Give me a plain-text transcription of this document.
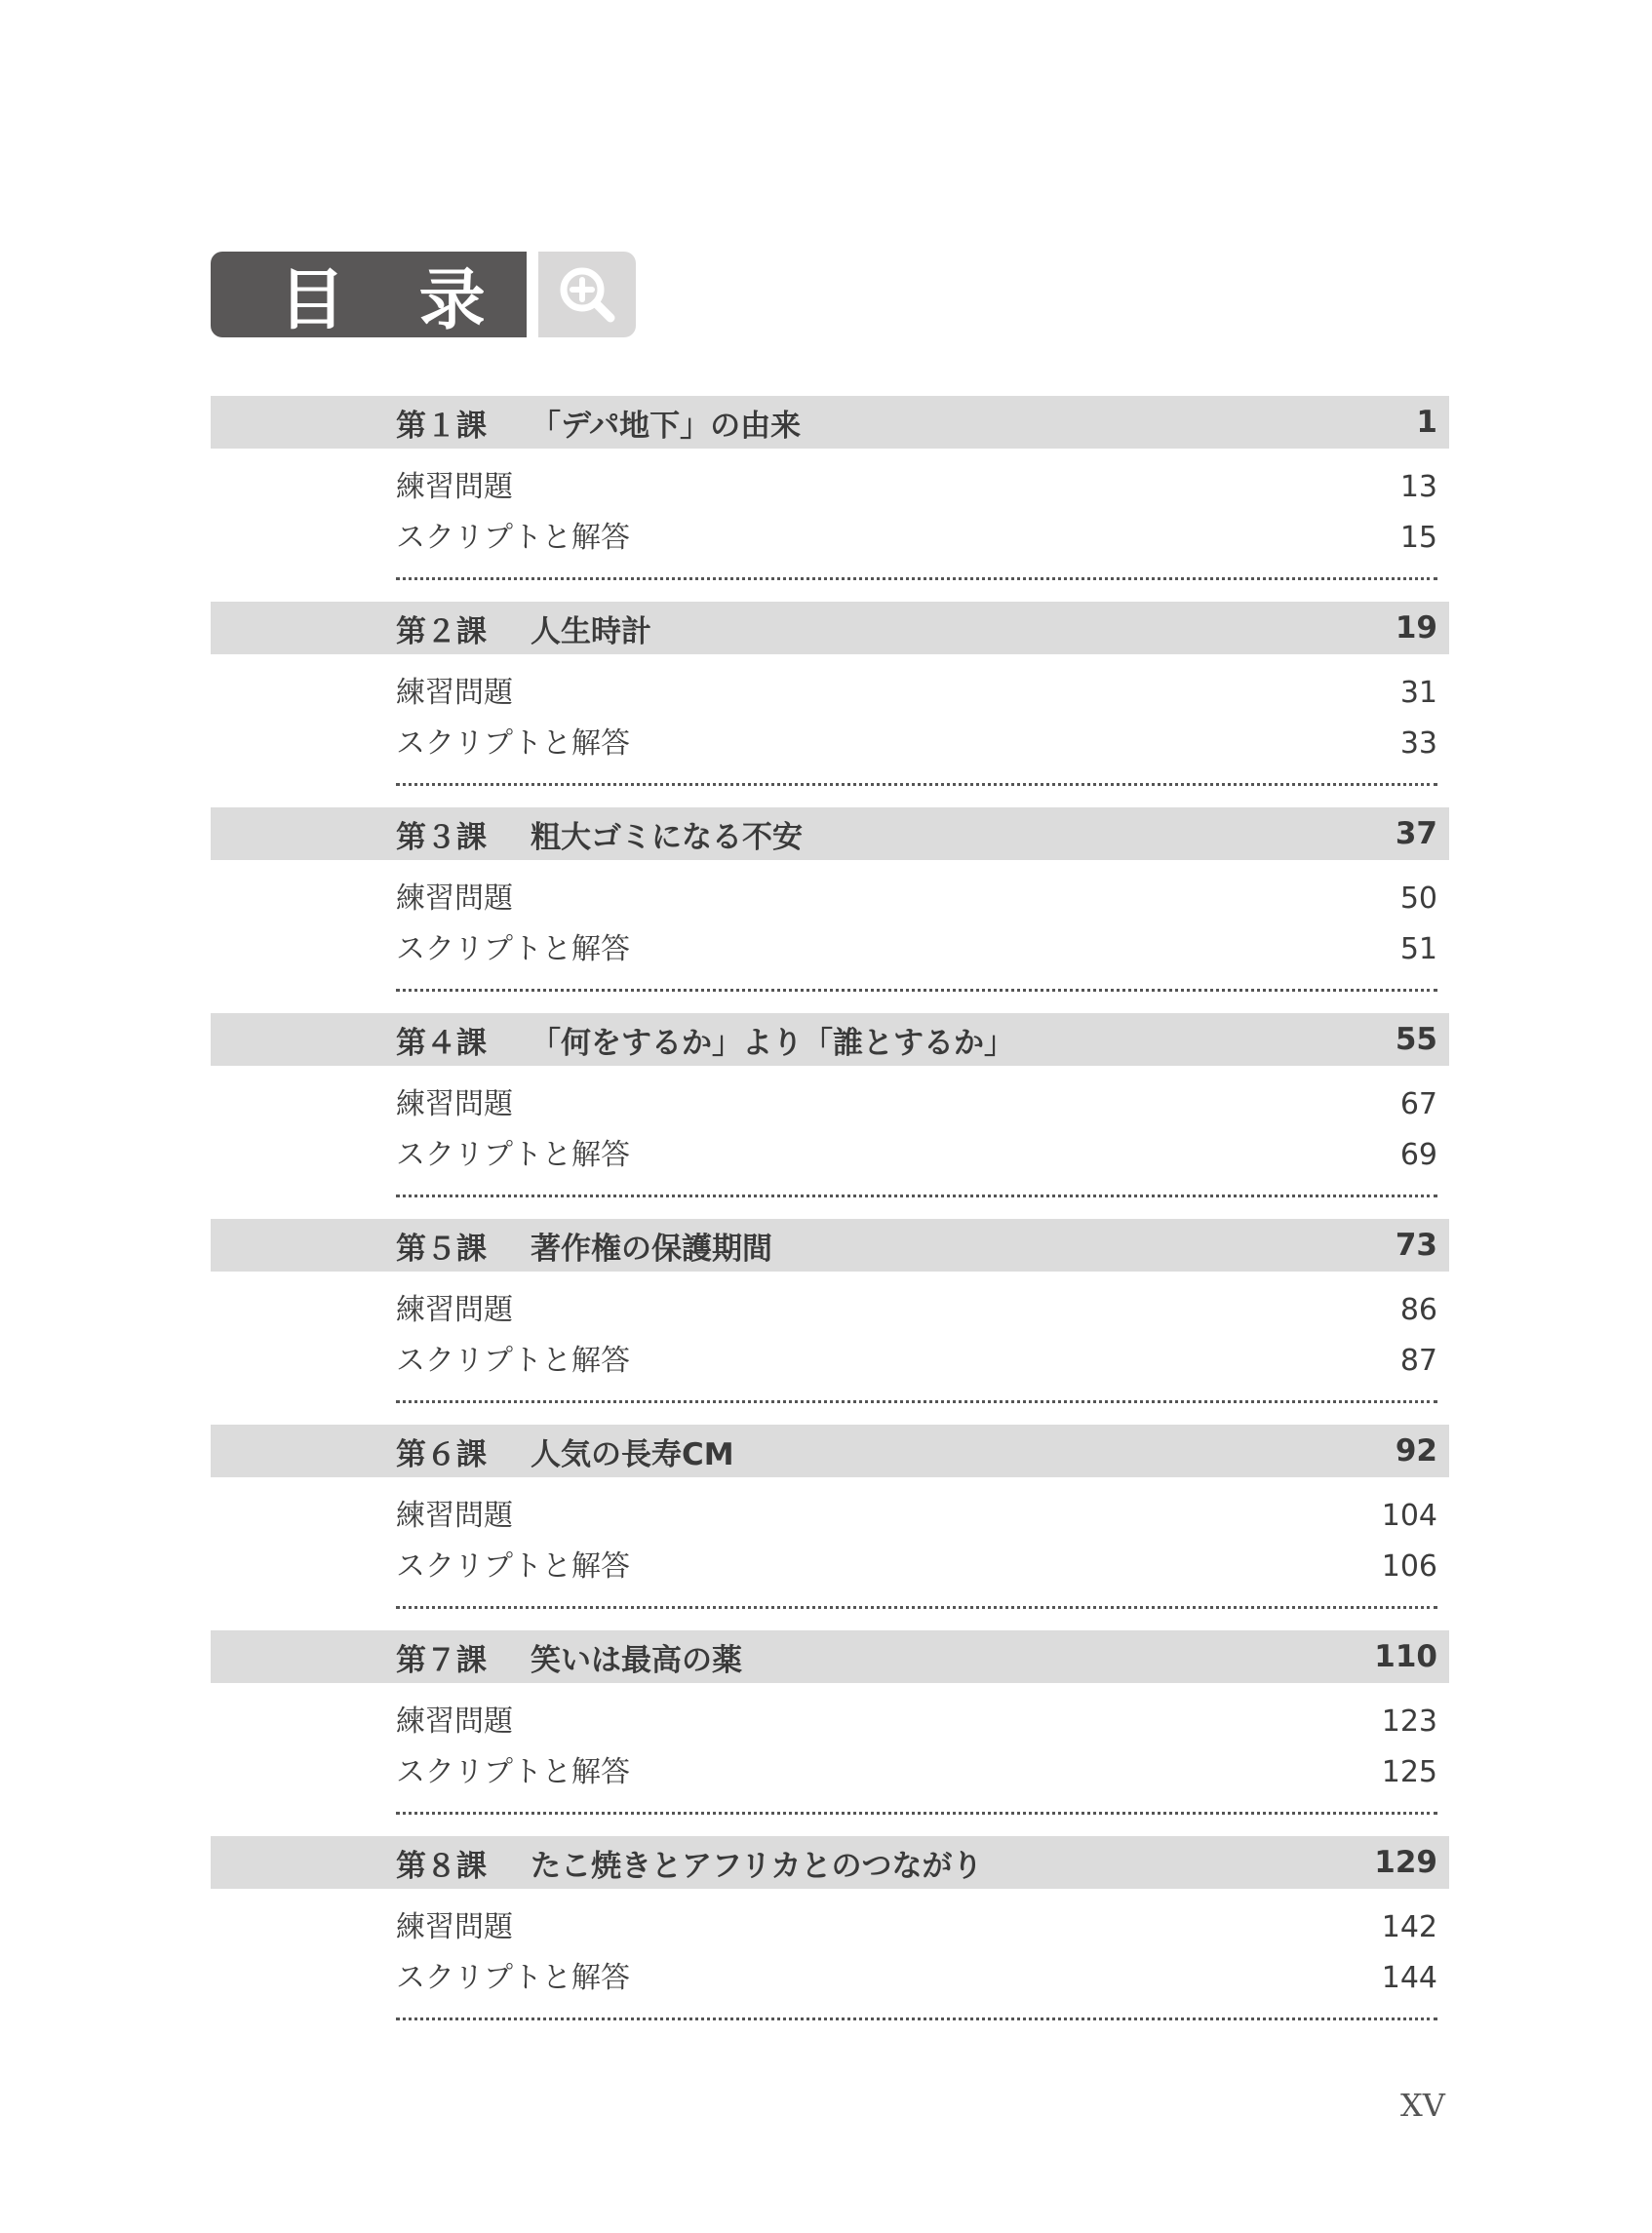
目 录
第１課	「デパ地下」の由来	1
練習問題	13
スクリプトと解答	15
第２課	人生時計	19
練習問題	31
スクリプトと解答	33
第３課	粗大ゴミになる不安	37
練習問題	50
スクリプトと解答	51
第４課	「何をするか」より「誰とするか」	55
練習問題	67
スクリプトと解答	69
第５課	著作権の保護期間	73
練習問題	86
スクリプトと解答	87
第６課	人気の長寿CM	92
練習問題	104
スクリプトと解答	106
第７課	笑いは最高の薬	110
練習問題	123
スクリプトと解答	125
第８課	たこ焼きとアフリカとのつながり	129
練習問題	142
スクリプトと解答	144
XV
